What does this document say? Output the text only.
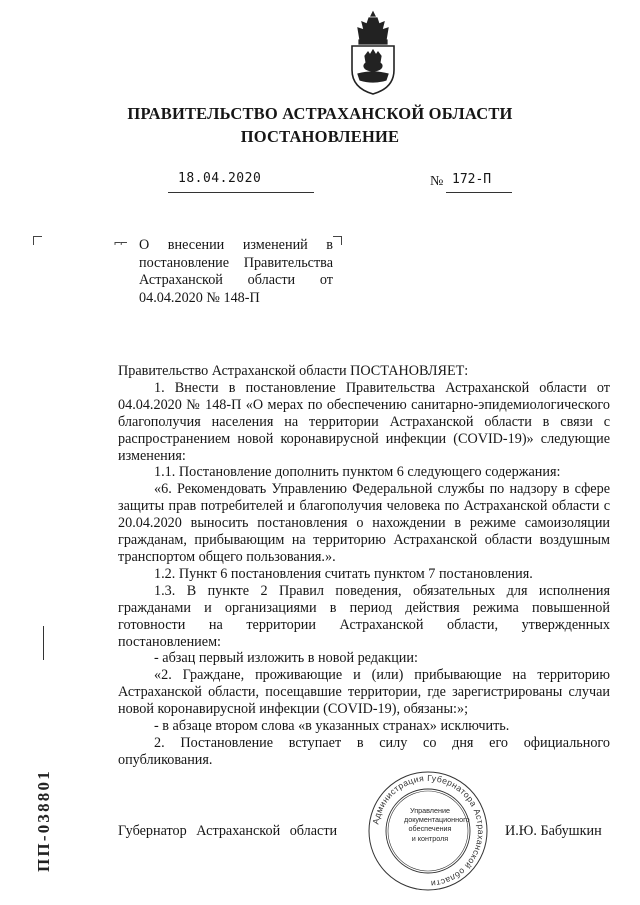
ПРАВИТЕЛЬСТВО АСТРАХАНСКОЙ ОБЛАСТИ
ПОСТАНОВЛЕНИЕ
18.04.2020	№ 172-П
⌐⌐ О внесении изменений в постановление Правительства Астраханской области от 04.04.2020 № 148-П

Правительство Астраханской области ПОСТАНОВЛЯЕТ:

1. Внести в постановление Правительства Астраханской области от 04.04.2020 № 148-П «О мерах по обеспечению санитарно-эпидемиологического благополучия населения на территории Астраханской области в связи с распространением новой коронавирусной инфекции (COVID-19)» следующие изменения:

1.1. Постановление дополнить пунктом 6 следующего содержания:

«6. Рекомендовать Управлению Федеральной службы по надзору в сфере защиты прав потребителей и благополучия человека по Астраханской области с 20.04.2020 выносить постановления о нахождении в режиме самоизоляции гражданам, прибывающим на территорию Астраханской области воздушным транспортом общего пользования.».

1.2. Пункт 6 постановления считать пунктом 7 постановления.

1.3. В пункте 2 Правил поведения, обязательных для исполнения гражданами и организациями в период действия режима повышенной готовности на территории Астраханской области, утвержденных постановлением:

- абзац первый изложить в новой редакции:

«2. Граждане, проживающие и (или) прибывающие на территорию Астраханской области, посещавшие территории, где зарегистрированы случаи новой коронавирусной инфекции (COVID-19), обязаны:»;

- в абзаце втором слова «в указанных странах» исключить.

2. Постановление вступает в силу со дня его официального опубликования.

Губернатор Астраханской области	И.Ю. Бабушкин
Администрация Губернатора Астраханской области
Управление
документационного
обеспечения
и контроля
ПП-038801
